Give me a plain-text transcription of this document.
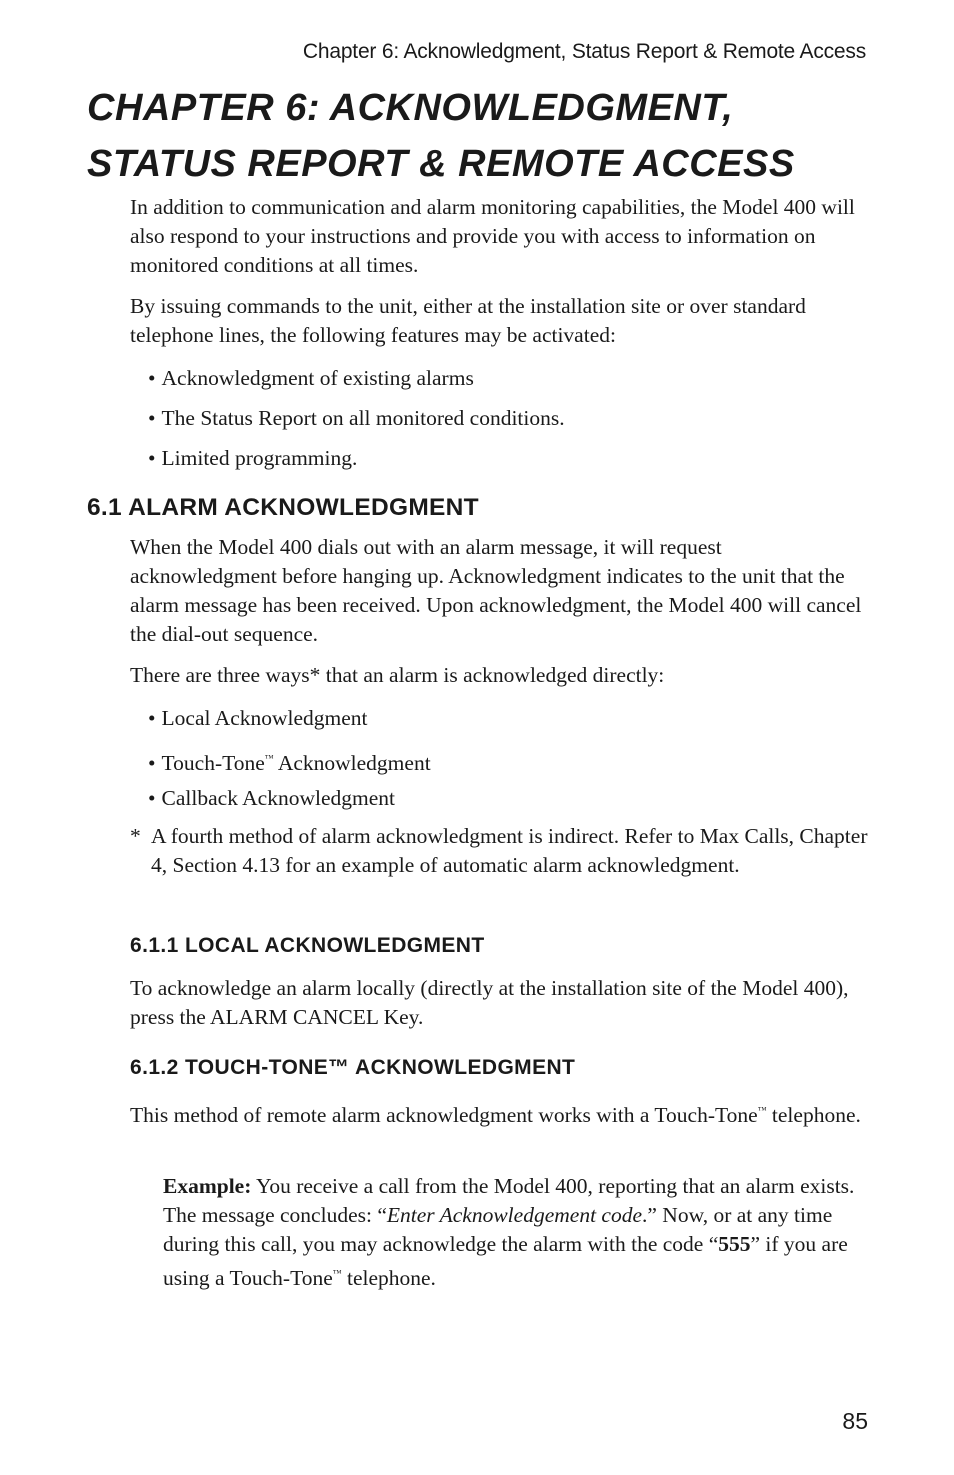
Chapter 6: Acknowledgment, Status Report & Remote Access
CHAPTER 6: ACKNOWLEDGMENT,
STATUS REPORT & REMOTE ACCESS

In addition to communication and alarm monitoring capabilities, the Model 400 will also respond to your instructions and provide you with access to information on monitored conditions at all times.

By issuing commands to the unit, either at the installation site or over standard telephone lines, the following features may be activated:

• Acknowledgment of existing alarms
• The Status Report on all monitored conditions.
• Limited programming.
6.1 ALARM ACKNOWLEDGMENT

When the Model 400 dials out with an alarm message, it will request acknowledgment before hanging up. Acknowledgment indicates to the unit that the alarm message has been received. Upon acknowledgment, the Model 400 will cancel the dial-out sequence.

There are three ways* that an alarm is acknowledged directly:

• Local Acknowledgment
• Touch-Tone™ Acknowledgment
• Callback Acknowledgment
* A fourth method of alarm acknowledgment is indirect. Refer to Max Calls, Chapter 4, Section 4.13 for an example of automatic alarm acknowledgment.
6.1.1 LOCAL ACKNOWLEDGMENT

To acknowledge an alarm locally (directly at the installation site of the Model 400), press the ALARM CANCEL Key.

6.1.2 TOUCH-TONE™ ACKNOWLEDGMENT

This method of remote alarm acknowledgment works with a Touch-Tone™ telephone.

Example: You receive a call from the Model 400, reporting that an alarm exists. The message concludes: “Enter Acknowledgement code.” Now, or at any time during this call, you may acknowledge the alarm with the code “555” if you are using a Touch-Tone™ telephone.

85
